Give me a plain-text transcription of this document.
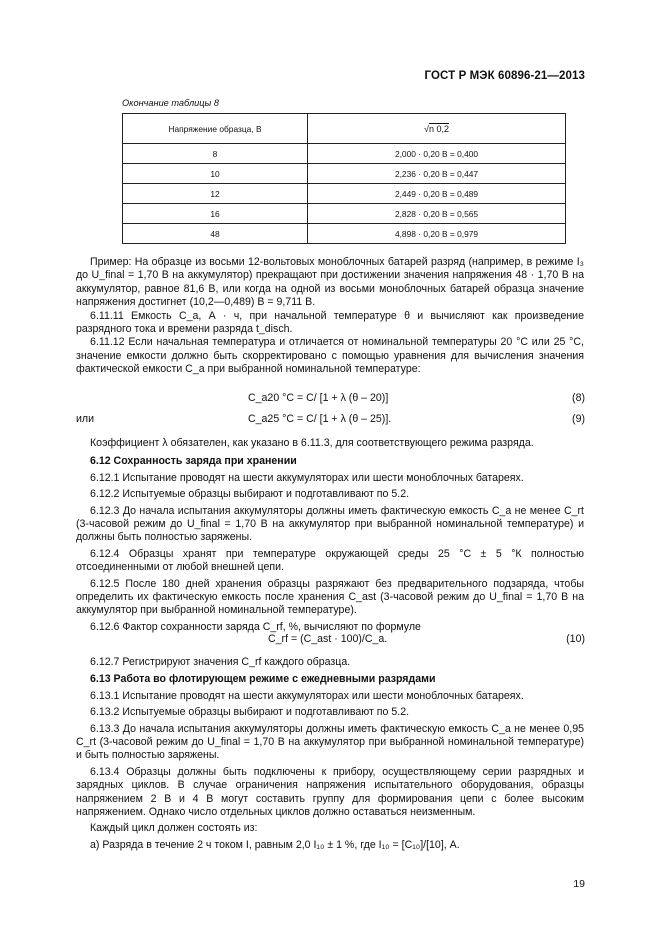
ГОСТ Р МЭК 60896-21—2013
Окончание таблицы 8
Напряжение образца, В	√n 0,2
8	2,000 · 0,20 В = 0,400
10	2,236 · 0,20 В = 0,447
12	2,449 · 0,20 В = 0,489
16	2,828 · 0,20 В = 0,565
48	4,898 · 0,20 В = 0,979

Пример: На образце из восьми 12-вольтовых моноблочных батарей разряд (например, в режиме I₃ до U_final = 1,70 В на аккумулятор) прекращают при достижении значения напряжения 48 · 1,70 В на аккумулятор, равное 81,6 В, или когда на одной из восьми моноблочных батарей образца значение напряжения достигнет (10,2—0,489) В = 9,711 В.

6.11.11 Емкость C_a, А · ч, при начальной температуре θ и вычисляют как произведение разрядного тока и времени разряда t_disch.

6.11.12 Если начальная температура и отличается от номинальной температуры 20 °С или 25 °С, значение емкости должно быть скорректировано с помощью уравнения для вычисления значения фактической емкости C_a при выбранной номинальной температуре:

C_a20 °C = C/ [1 + λ (θ – 20)]	(8)
или	C_a25 °C = C/ [1 + λ (θ – 25)].	(9)

Коэффициент λ обязателен, как указано в 6.11.3, для соответствующего режима разряда.

6.12 Сохранность заряда при хранении

6.12.1 Испытание проводят на шести аккумуляторах или шести моноблочных батареях.

6.12.2 Испытуемые образцы выбирают и подготавливают по 5.2.

6.12.3 До начала испытания аккумуляторы должны иметь фактическую емкость C_a не менее C_rt (3-часовой режим до U_final = 1,70 В на аккумулятор при выбранной номинальной температуре) и должны быть полностью заряжены.

6.12.4 Образцы хранят при температуре окружающей среды 25 °С ± 5 °К полностью отсоединенными от любой внешней цепи.

6.12.5 После 180 дней хранения образцы разряжают без предварительного подзаряда, чтобы определить их фактическую емкость после хранения C_ast (3-часовой режим до U_final = 1,70 В на аккумулятор при выбранной номинальной температуре).

6.12.6 Фактор сохранности заряда C_rf, %, вычисляют по формуле

C_rf = (C_ast · 100)/C_a.	(10)

6.12.7 Регистрируют значения C_rf каждого образца.

6.13 Работа во флотирующем режиме с ежедневными разрядами

6.13.1 Испытание проводят на шести аккумуляторах или шести моноблочных батареях.

6.13.2 Испытуемые образцы выбирают и подготавливают по 5.2.

6.13.3 До начала испытания аккумуляторы должны иметь фактическую емкость C_a не менее 0,95 C_rt (3-часовой режим до U_final = 1,70 В на аккумулятор при выбранной номинальной температуре) и быть полностью заряжены.

6.13.4 Образцы должны быть подключены к прибору, осуществляющему серии разрядных и зарядных циклов. В случае ограничения напряжения испытательного оборудования, образцы напряжением 2 В и 4 В могут составить группу для формирования цепи с более высоким напряжением. Однако число отдельных циклов должно оставаться неизменным.

Каждый цикл должен состоять из:

а) Разряда в течение 2 ч током I, равным 2,0 I₁₀ ± 1 %, где I₁₀ = [C₁₀]/[10], А.

19
